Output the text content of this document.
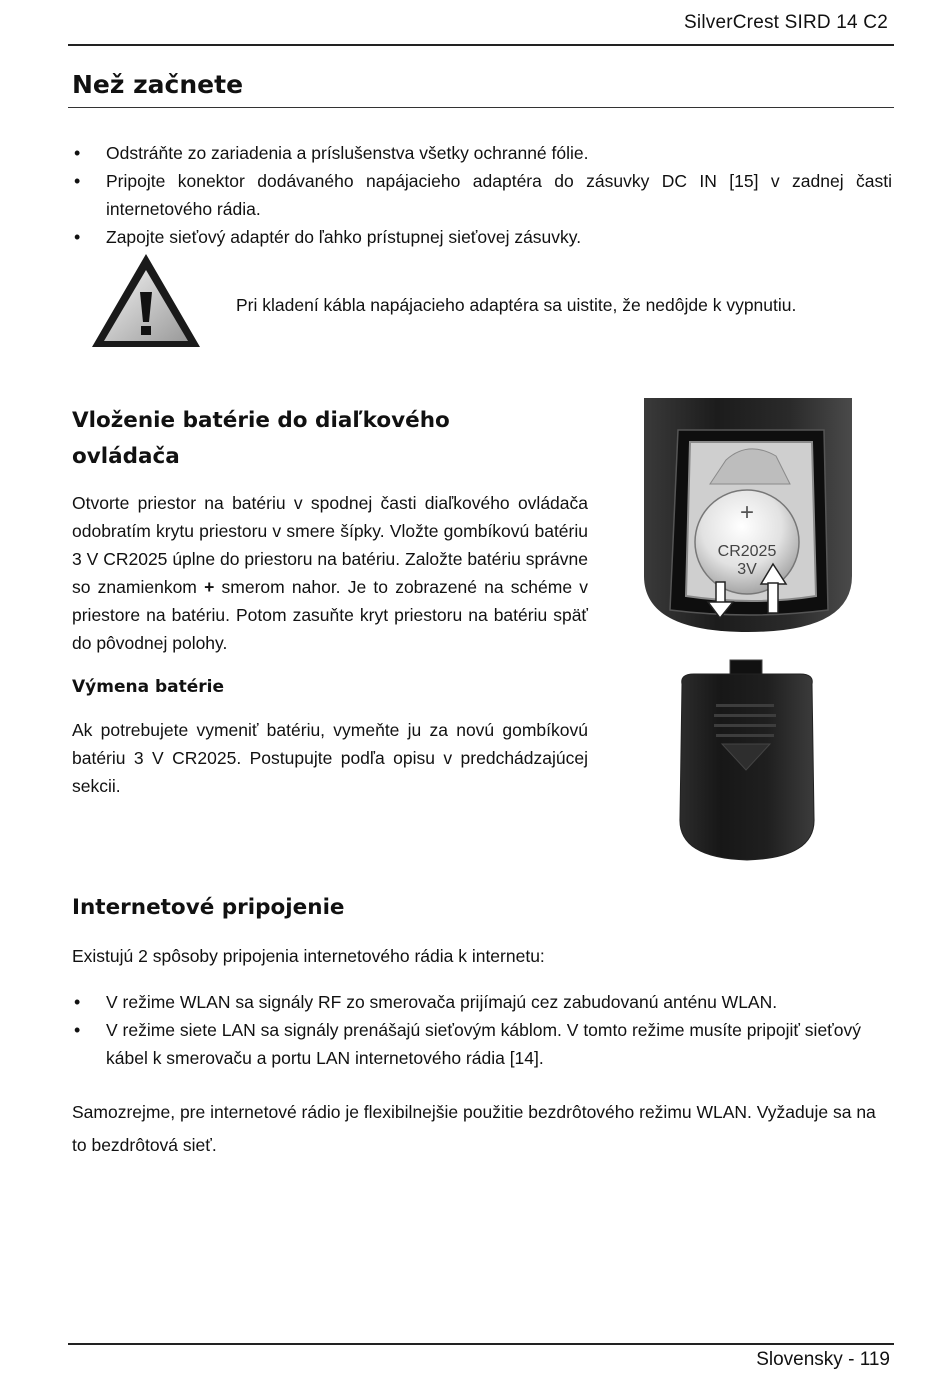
SilverCrest SIRD 14 C2
Než začnete
• Odstráňte zo zariadenia a príslušenstva všetky ochranné fólie.
• Pripojte konektor dodávaného napájacieho adaptéra do zásuvky DC IN [15] v zadnej časti internetového rádia.
• Zapojte sieťový adaptér do ľahko prístupnej sieťovej zásuvky.
Pri kladení kábla napájacieho adaptéra sa uistite, že nedôjde k vypnutiu.
Vloženie batérie do diaľkového
ovládača

Otvorte priestor na batériu v spodnej časti diaľkového ovládača odobratím krytu priestoru v smere šípky. Vložte gombíkovú batériu 3 V CR2025 úplne do priestoru na batériu. Založte batériu správne so znamienkom + smerom nahor. Je to zobrazené na schéme v priestore na batériu. Potom zasuňte kryt priestoru na batériu späť do pôvodnej polohy.

Výmena batérie

Ak potrebujete vymeniť batériu, vymeňte ju za novú gombíkovú batériu 3 V CR2025. Postupujte podľa opisu v predchádzajúcej sekcii.

+
CR2025
3V
Internetové pripojenie
Existujú 2 spôsoby pripojenia internetového rádia k internetu:
• V režime WLAN sa signály RF zo smerovača prijímajú cez zabudovanú anténu WLAN.
• V režime siete LAN sa signály prenášajú sieťovým káblom. V tomto režime musíte pripojiť sieťový kábel k smerovaču a portu LAN internetového rádia [14].

Samozrejme, pre internetové rádio je flexibilnejšie použitie bezdrôtového režimu WLAN. Vyžaduje sa na to bezdrôtová sieť.

Slovensky - 119
